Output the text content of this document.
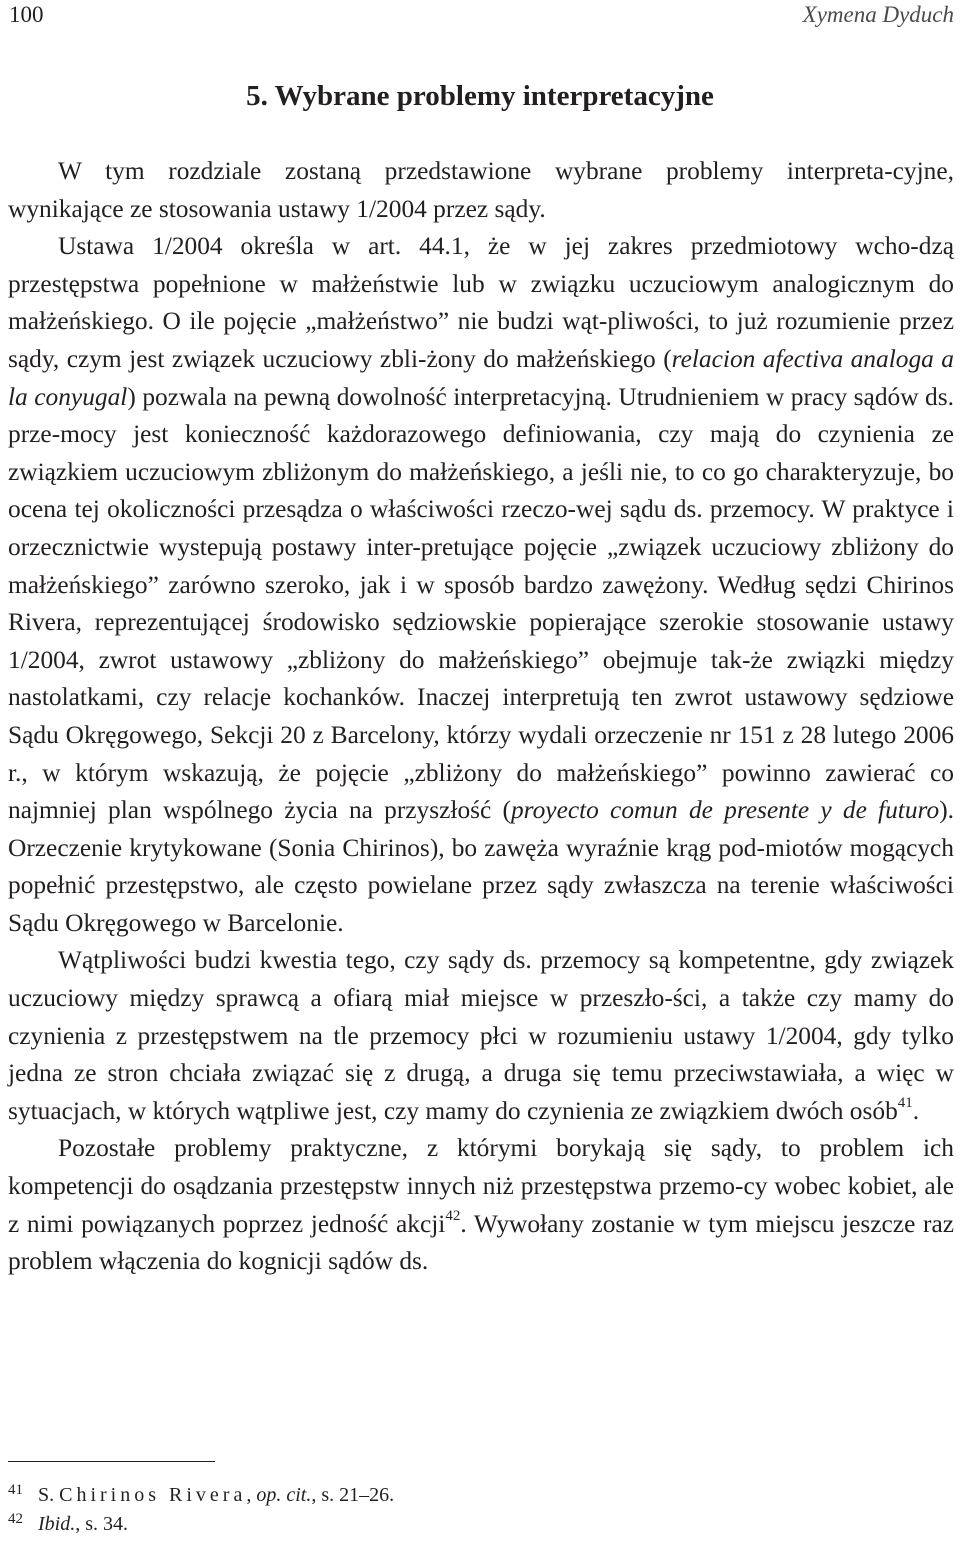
100	Xymena Dyduch
5. Wybrane problemy interpretacyjne

W tym rozdziale zostaną przedstawione wybrane problemy interpreta-cyjne, wynikające ze stosowania ustawy 1/2004 przez sądy.

Ustawa 1/2004 określa w art. 44.1, że w jej zakres przedmiotowy wcho-dzą przestępstwa popełnione w małżeństwie lub w związku uczuciowym analogicznym do małżeńskiego. O ile pojęcie „małżeństwo” nie budzi wąt-pliwości, to już rozumienie przez sądy, czym jest związek uczuciowy zbli-żony do małżeńskiego (relacion afectiva analoga a la conyugal) pozwala na pewną dowolność interpretacyjną. Utrudnieniem w pracy sądów ds. prze-mocy jest konieczność każdorazowego definiowania, czy mają do czynienia ze związkiem uczuciowym zbliżonym do małżeńskiego, a jeśli nie, to co go charakteryzuje, bo ocena tej okoliczności przesądza o właściwości rzeczo-wej sądu ds. przemocy. W praktyce i orzecznictwie wystepują postawy inter-pretujące pojęcie „związek uczuciowy zbliżony do małżeńskiego” zarówno szeroko, jak i w sposób bardzo zawężony. Według sędzi Chirinos Rivera, reprezentującej środowisko sędziowskie popierające szerokie stosowanie ustawy 1/2004, zwrot ustawowy „zbliżony do małżeńskiego” obejmuje tak-że związki między nastolatkami, czy relacje kochanków. Inaczej interpretują ten zwrot ustawowy sędziowe Sądu Okręgowego, Sekcji 20 z Barcelony, którzy wydali orzeczenie nr 151 z 28 lutego 2006 r., w którym wskazują, że pojęcie „zbliżony do małżeńskiego” powinno zawierać co najmniej plan wspólnego życia na przyszłość (proyecto comun de presente y de futuro). Orzeczenie krytykowane (Sonia Chirinos), bo zawęża wyraźnie krąg pod-miotów mogących popełnić przestępstwo, ale często powielane przez sądy zwłaszcza na terenie właściwości Sądu Okręgowego w Barcelonie.

Wątpliwości budzi kwestia tego, czy sądy ds. przemocy są kompetentne, gdy związek uczuciowy między sprawcą a ofiarą miał miejsce w przeszło-ści, a także czy mamy do czynienia z przestępstwem na tle przemocy płci w rozumieniu ustawy 1/2004, gdy tylko jedna ze stron chciała związać się z drugą, a druga się temu przeciwstawiała, a więc w sytuacjach, w których wątpliwe jest, czy mamy do czynienia ze związkiem dwóch osób$^{41}$.

Pozostałe problemy praktyczne, z którymi borykają się sądy, to problem ich kompetencji do osądzania przestępstw innych niż przestępstwa przemo-cy wobec kobiet, ale z nimi powiązanych poprzez jedność akcji$^{42}$. Wywołany zostanie w tym miejscu jeszcze raz problem włączenia do kognicji sądów ds.

41 S. Chirinos Rivera, op. cit., s. 21–26.
42 Ibid., s. 34.
